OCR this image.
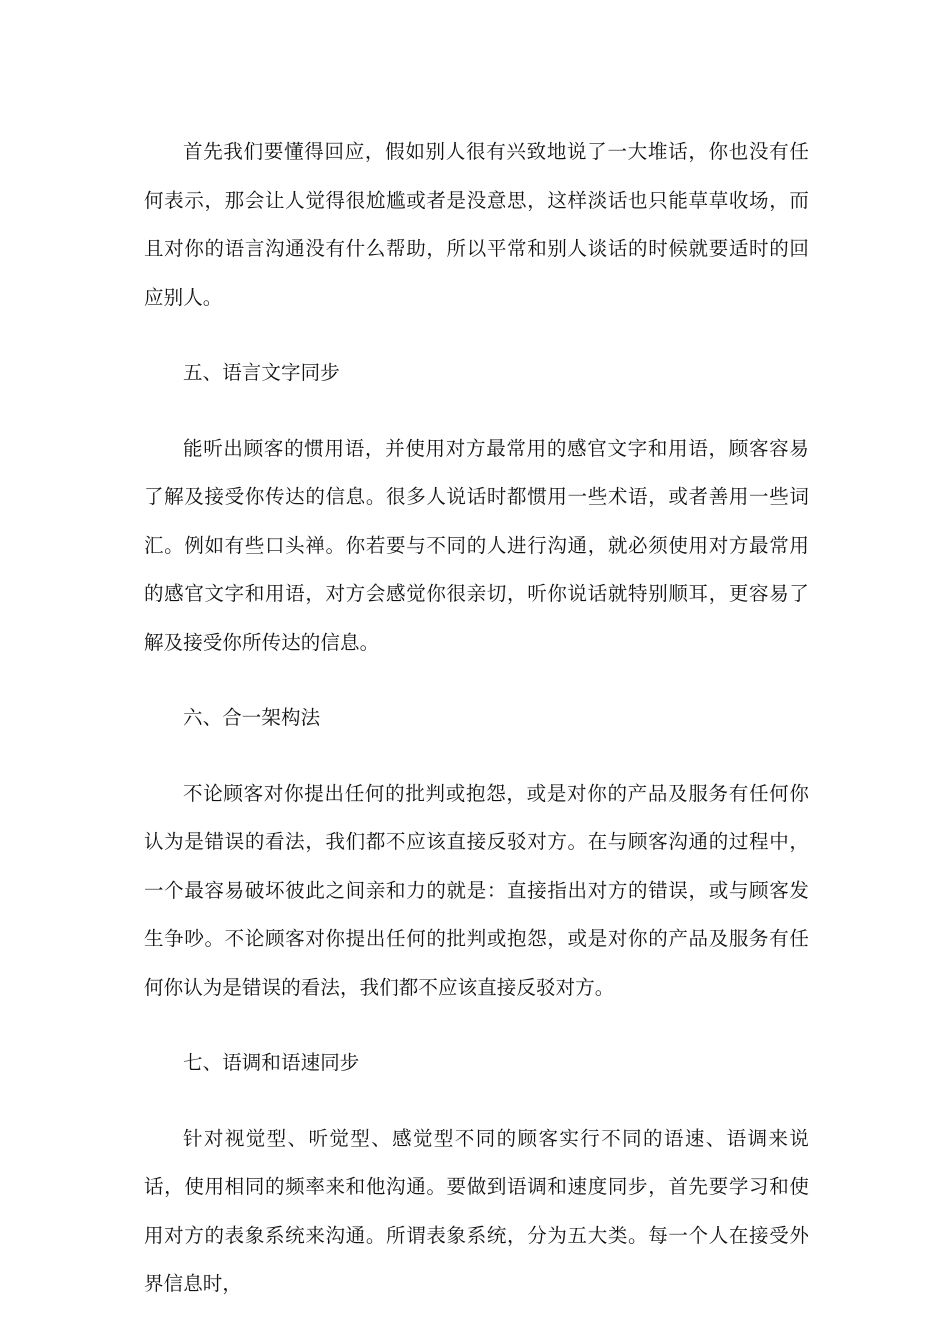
首先我们要懂得回应，假如别人很有兴致地说了一大堆话，你也没有任何表示，那会让人觉得很尬尴或者是没意思，这样淡话也只能草草收场，而且对你的语言沟通没有什么帮助，所以平常和别人谈话的时候就要适时的回应别人。

五、语言文字同步

能听出顾客的惯用语，并使用对方最常用的感官文字和用语，顾客容易了解及接受你传达的信息。很多人说话时都惯用一些术语，或者善用一些词汇。例如有些口头禅。你若要与不同的人进行沟通，就必须使用对方最常用的感官文字和用语，对方会感觉你很亲切，听你说话就特别顺耳，更容易了解及接受你所传达的信息。

六、合一架构法

不论顾客对你提出任何的批判或抱怨，或是对你的产品及服务有任何你认为是错误的看法，我们都不应该直接反驳对方。在与顾客沟通的过程中，一个最容易破坏彼此之间亲和力的就是：直接指出对方的错误，或与顾客发生争吵。不论顾客对你提出任何的批判或抱怨，或是对你的产品及服务有任何你认为是错误的看法，我们都不应该直接反驳对方。

七、语调和语速同步

针对视觉型、听觉型、感觉型不同的顾客实行不同的语速、语调来说话，使用相同的频率来和他沟通。要做到语调和速度同步，首先要学习和使用对方的表象系统来沟通。所谓表象系统，分为五大类。每一个人在接受外界信息时，
